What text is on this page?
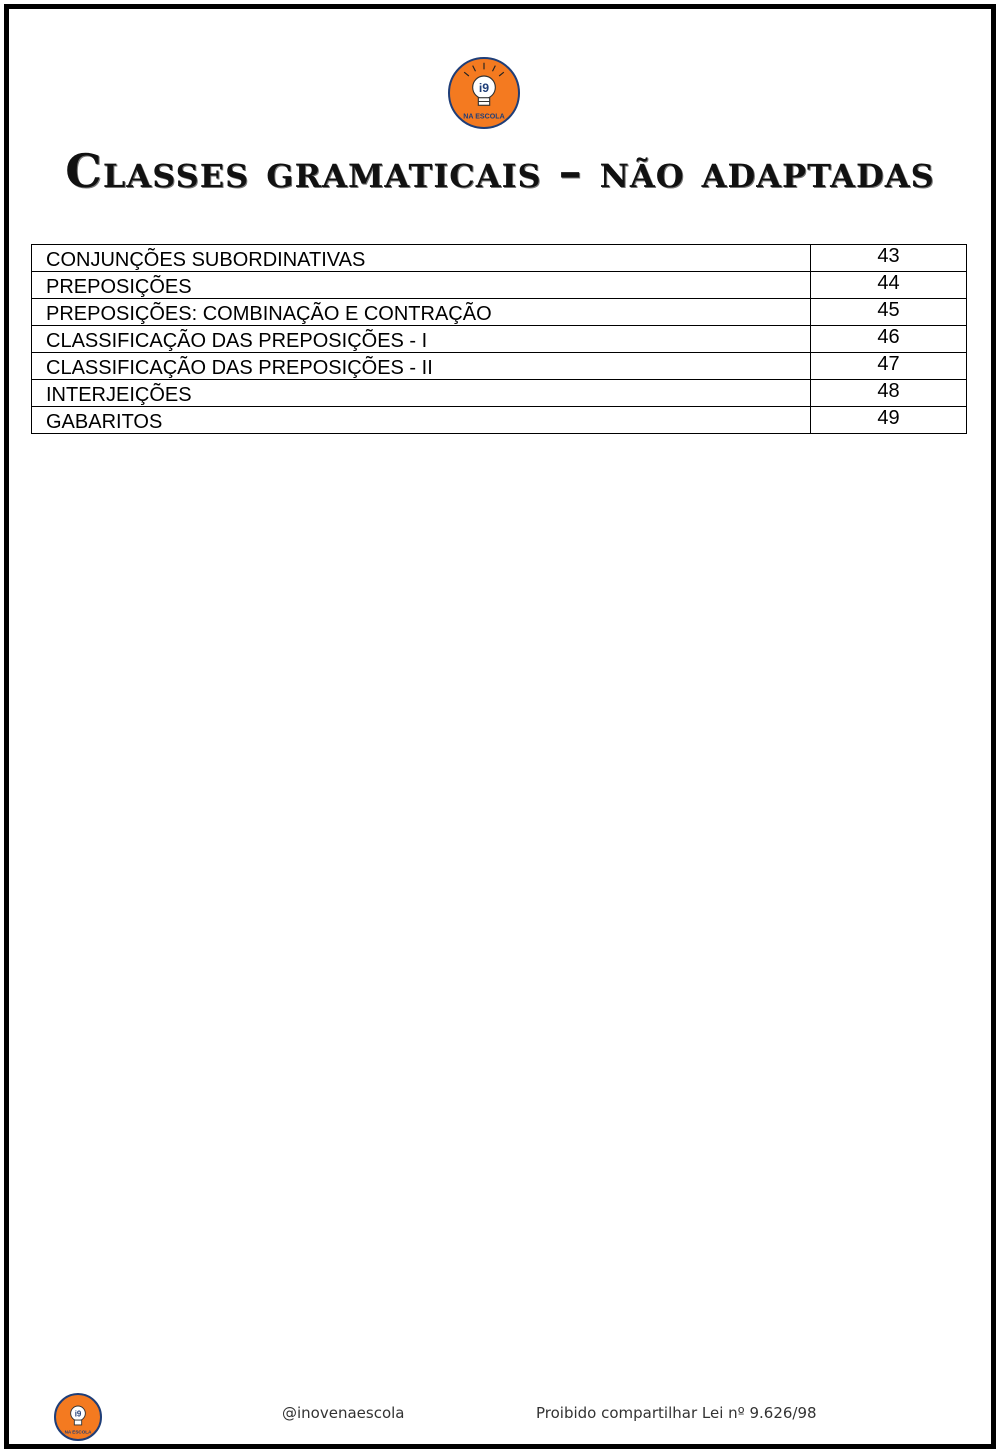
i9
NA ESCOLA
Classes gramaticais – não adaptadas
CONJUNÇÕES SUBORDINATIVAS	43
PREPOSIÇÕES	44
PREPOSIÇÕES: COMBINAÇÃO E CONTRAÇÃO	45
CLASSIFICAÇÃO DAS PREPOSIÇÕES - I	46
CLASSIFICAÇÃO DAS PREPOSIÇÕES - II	47
INTERJEIÇÕES	48
GABARITOS	49
i9
NA ESCOLA
@inovenaescola	Proibido compartilhar Lei nº 9.626/98
